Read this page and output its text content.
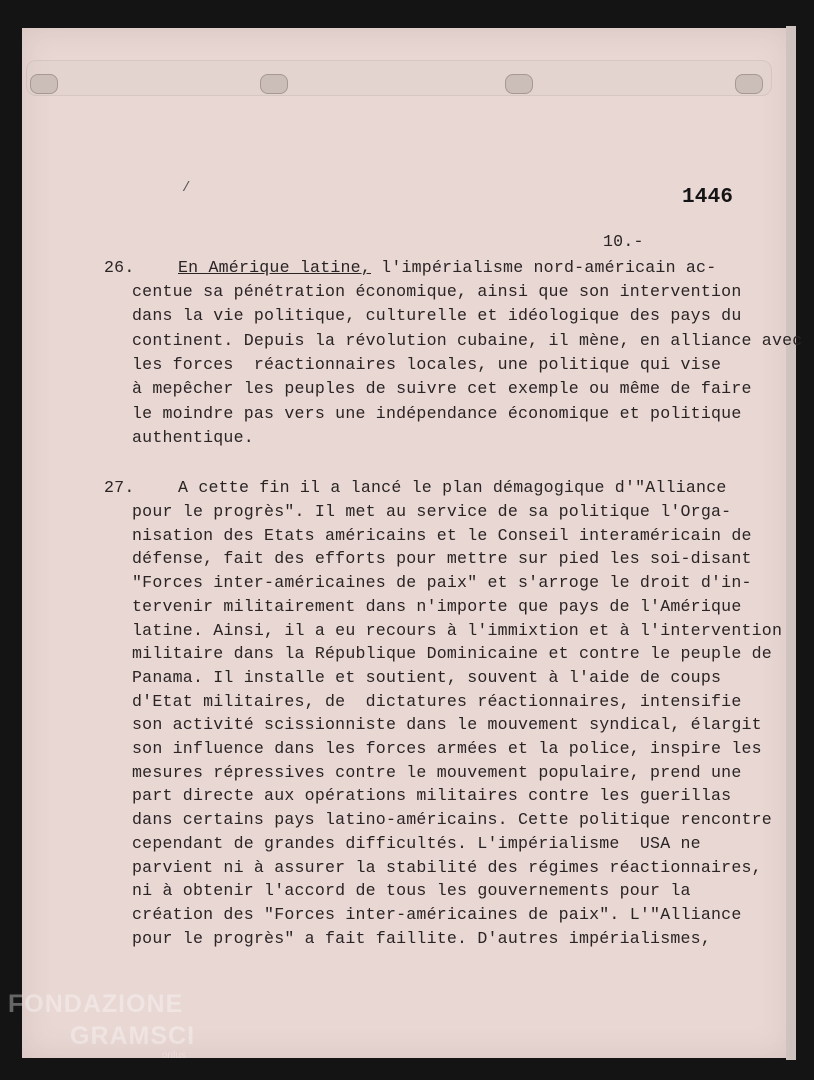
1446
10.-
/
26.	En Amérique latine, l'impérialisme nord-américain ac-
centue sa pénétration économique, ainsi que son intervention
dans la vie politique, culturelle et idéologique des pays du
continent. Depuis la révolution cubaine, il mène, en alliance avec
les forces  réactionnaires locales, une politique qui vise
à mepêcher les peuples de suivre cet exemple ou même de faire
le moindre pas vers une indépendance économique et politique
authentique.
27.	A cette fin il a lancé le plan démagogique d'"Alliance
pour le progrès". Il met au service de sa politique l'Orga-
nisation des Etats américains et le Conseil interaméricain de
défense, fait des efforts pour mettre sur pied les soi-disant
"Forces inter-américaines de paix" et s'arroge le droit d'in-
tervenir militairement dans n'importe que pays de l'Amérique
latine. Ainsi, il a eu recours à l'immixtion et à l'intervention
militaire dans la République Dominicaine et contre le peuple de
Panama. Il installe et soutient, souvent à l'aide de coups
d'Etat militaires, de  dictatures réactionnaires, intensifie
son activité scissionniste dans le mouvement syndical, élargit
son influence dans les forces armées et la police, inspire les
mesures répressives contre le mouvement populaire, prend une
part directe aux opérations militaires contre les guerillas
dans certains pays latino-américains. Cette politique rencontre
cependant de grandes difficultés. L'impérialisme  USA ne
parvient ni à assurer la stabilité des régimes réactionnaires,
ni à obtenir l'accord de tous les gouvernements pour la
création des "Forces inter-américaines de paix". L'"Alliance
pour le progrès" a fait faillite. D'autres impérialismes,
FONDAZIONE
GRAMSCI
onlus
